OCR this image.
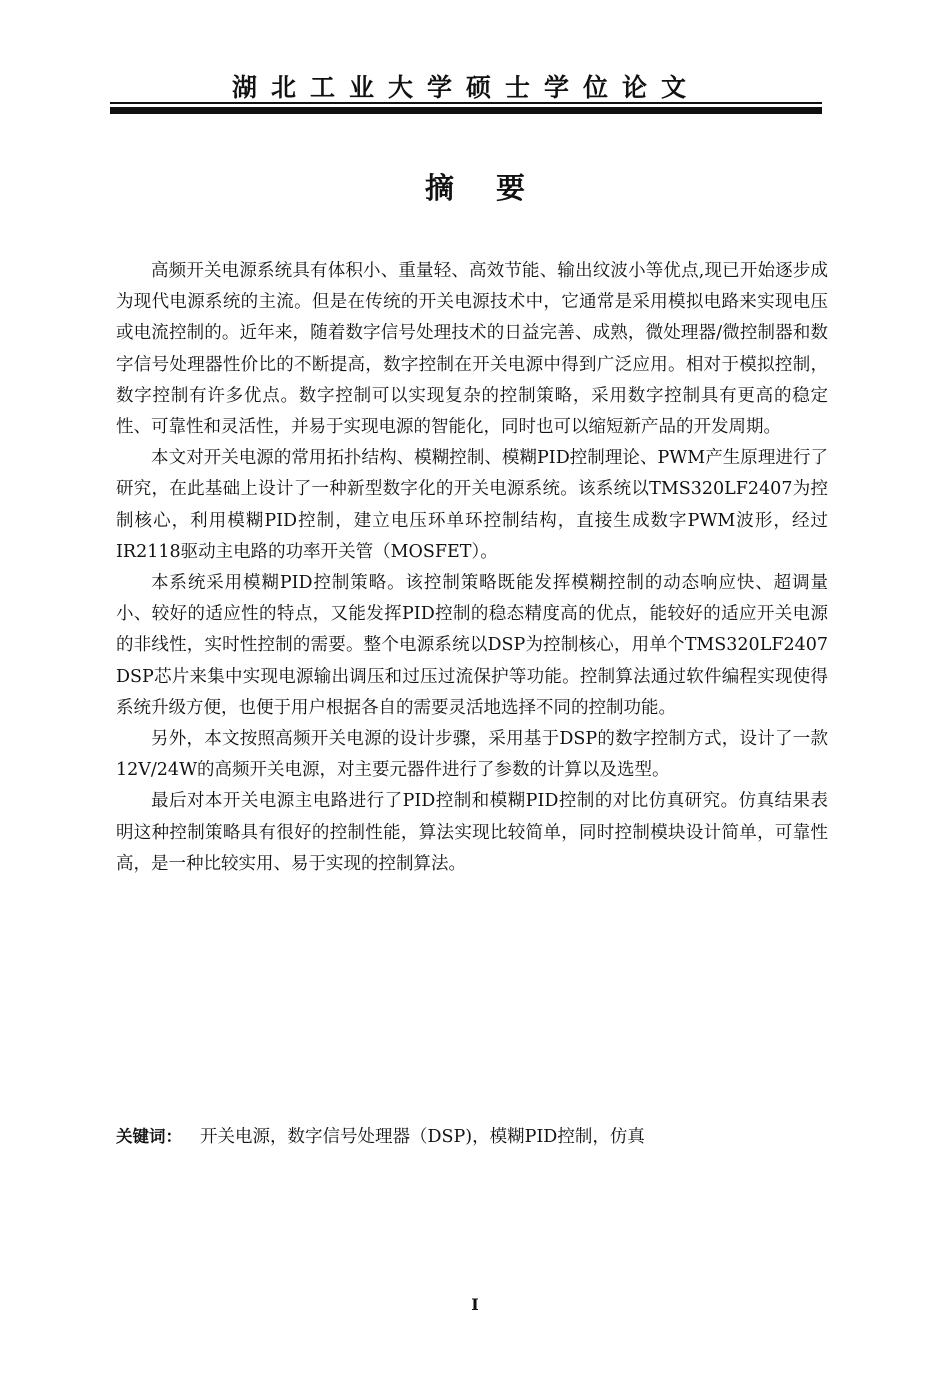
湖北工业大学硕士学位论文
摘要

高频开关电源系统具有体积小、重量轻、高效节能、输出纹波小等优点,现已开始逐步成为现代电源系统的主流。但是在传统的开关电源技术中，它通常是采用模拟电路来实现电压或电流控制的。近年来，随着数字信号处理技术的日益完善、成熟，微处理器/微控制器和数字信号处理器性价比的不断提高，数字控制在开关电源中得到广泛应用。相对于模拟控制，数字控制有许多优点。数字控制可以实现复杂的控制策略，采用数字控制具有更高的稳定性、可靠性和灵活性，并易于实现电源的智能化，同时也可以缩短新产品的开发周期。

本文对开关电源的常用拓扑结构、模糊控制、模糊PID控制理论、PWM产生原理进行了研究，在此基础上设计了一种新型数字化的开关电源系统。该系统以TMS320LF2407为控制核心，利用模糊PID控制，建立电压环单环控制结构，直接生成数字PWM波形，经过IR2118驱动主电路的功率开关管（MOSFET）。

本系统采用模糊PID控制策略。该控制策略既能发挥模糊控制的动态响应快、超调量小、较好的适应性的特点，又能发挥PID控制的稳态精度高的优点，能较好的适应开关电源的非线性，实时性控制的需要。整个电源系统以DSP为控制核心，用单个TMS320LF2407 DSP芯片来集中实现电源输出调压和过压过流保护等功能。控制算法通过软件编程实现使得系统升级方便，也便于用户根据各自的需要灵活地选择不同的控制功能。

另外，本文按照高频开关电源的设计步骤，采用基于DSP的数字控制方式，设计了一款12V/24W的高频开关电源，对主要元器件进行了参数的计算以及选型。

最后对本开关电源主电路进行了PID控制和模糊PID控制的对比仿真研究。仿真结果表明这种控制策略具有很好的控制性能，算法实现比较简单，同时控制模块设计简单，可靠性高，是一种比较实用、易于实现的控制算法。

关键词： 开关电源，数字信号处理器（DSP)，模糊PID控制，仿真
I
